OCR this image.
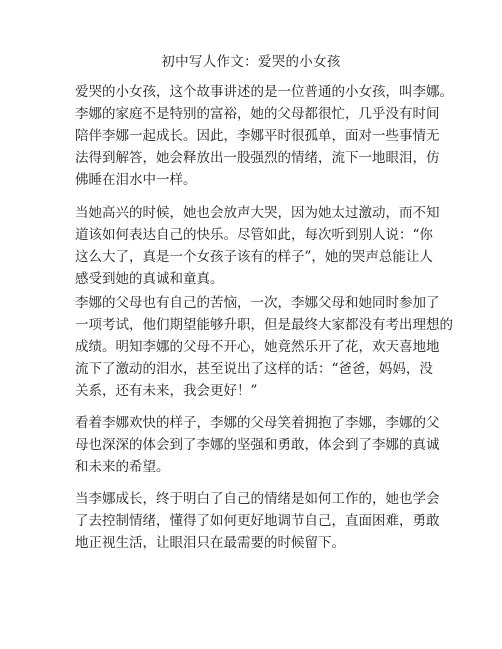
初中写人作文：爱哭的小女孩
爱哭的小女孩，这个故事讲述的是一位普通的小女孩，叫李娜。
李娜的家庭不是特别的富裕，她的父母都很忙，几乎没有时间
陪伴李娜一起成长。因此，李娜平时很孤单，面对一些事情无
法得到解答，她会释放出一股强烈的情绪，流下一地眼泪，仿
佛睡在泪水中一样。
当她高兴的时候，她也会放声大哭，因为她太过激动，而不知
道该如何表达自己的快乐。尽管如此，每次听到别人说：“你
这么大了，真是一个女孩子该有的样子”，她的哭声总能让人
感受到她的真诚和童真。
李娜的父母也有自己的苦恼，一次，李娜父母和她同时参加了
一项考试，他们期望能够升职，但是最终大家都没有考出理想的
成绩。明知李娜的父母不开心，她竟然乐开了花，欢天喜地地
流下了激动的泪水，甚至说出了这样的话：“爸爸，妈妈，没
关系，还有未来，我会更好！”
看着李娜欢快的样子，李娜的父母笑着拥抱了李娜，李娜的父
母也深深的体会到了李娜的坚强和勇敢，体会到了李娜的真诚
和未来的希望。
当李娜成长，终于明白了自己的情绪是如何工作的，她也学会
了去控制情绪，懂得了如何更好地调节自己，直面困难，勇敢
地正视生活，让眼泪只在最需要的时候留下。
